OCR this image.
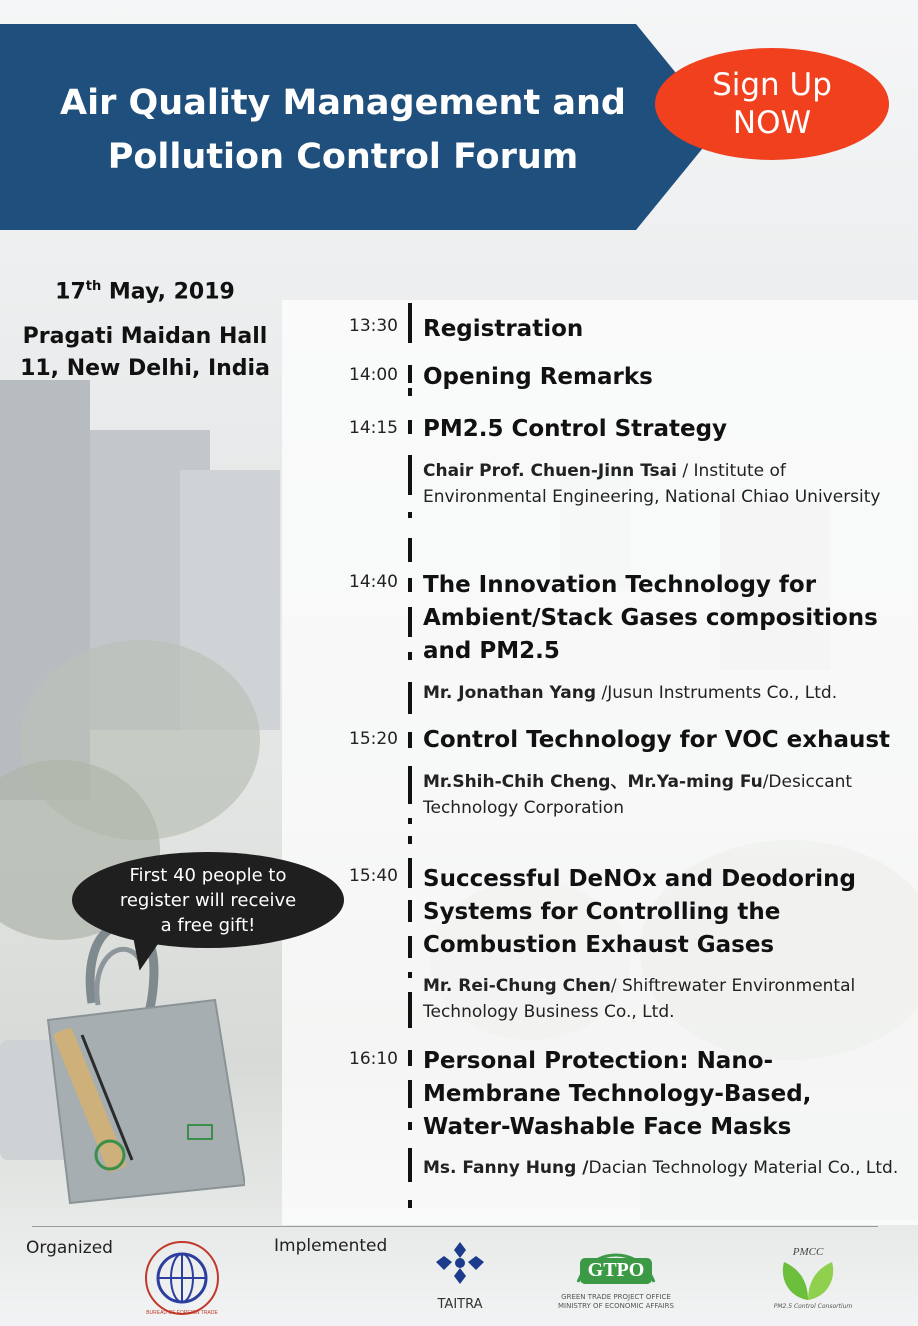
Air Quality Management and
Pollution Control Forum
Sign Up
NOW
17th May, 2019
Pragati Maidan Hall
11, New Delhi, India
13:30 Registration
14:00 Opening Remarks
14:15 PM2.5 Control Strategy
Chair Prof. Chuen-Jinn Tsai / Institute of Environmental Engineering, National Chiao University
14:40 The Innovation Technology for Ambient/Stack Gases compositions and PM2.5
Mr. Jonathan Yang /Jusun Instruments Co., Ltd.
15:20 Control Technology for VOC exhaust
Mr.Shih-Chih Cheng、Mr.Ya-ming Fu/Desiccant Technology Corporation
15:40 Successful DeNOx and Deodoring Systems for Controlling the Combustion Exhaust Gases
Mr. Rei-Chung Chen/ Shiftrewater Environmental Technology Business Co., Ltd.
16:10 Personal Protection: Nano-Membrane Technology-Based, Water-Washable Face Masks
Ms. Fanny Hung /Dacian Technology Material Co., Ltd.
First 40 people to register will receive a free gift!
Organized	Implemented
BUREAU OF FOREIGN TRADE
TAITRA
GTPO
GREEN TRADE PROJECT OFFICE
MINISTRY OF ECONOMIC AFFAIRS
PMCC
PM2.5 Control Consortium
